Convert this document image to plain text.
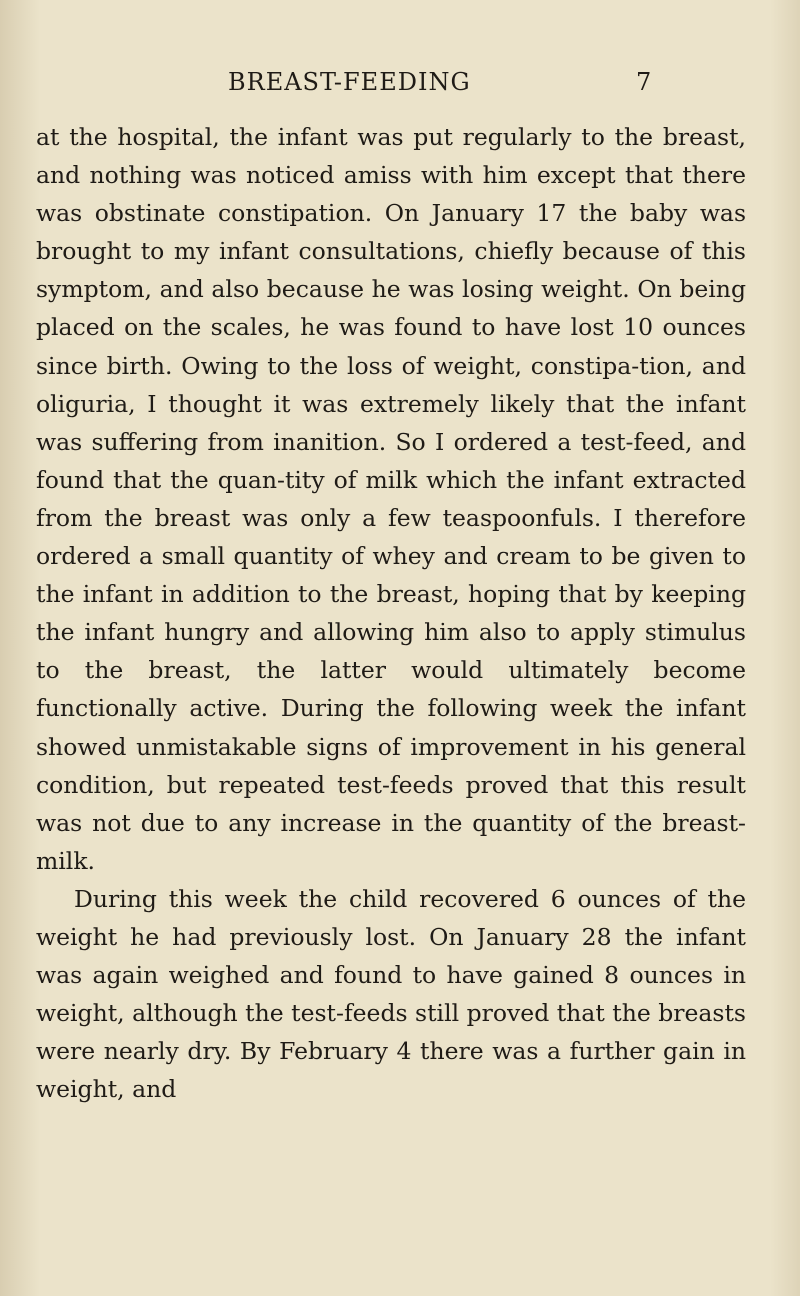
BREAST-FEEDING	7

at the hospital, the infant was put regularly to the breast, and nothing was noticed amiss with him except that there was obstinate constipation. On January 17 the baby was brought to my infant consultations, chiefly because of this symptom, and also because he was losing weight. On being placed on the scales, he was found to have lost 10 ounces since birth. Owing to the loss of weight, constipa-tion, and oliguria, I thought it was extremely likely that the infant was suffering from inanition. So I ordered a test-feed, and found that the quan-tity of milk which the infant extracted from the breast was only a few teaspoonfuls. I therefore ordered a small quantity of whey and cream to be given to the infant in addition to the breast, hoping that by keeping the infant hungry and allowing him also to apply stimulus to the breast, the latter would ultimately become functionally active. During the following week the infant showed unmistakable signs of improvement in his general condition, but repeated test-feeds proved that this result was not due to any increase in the quantity of the breast-milk.

During this week the child recovered 6 ounces of the weight he had previously lost. On January 28 the infant was again weighed and found to have gained 8 ounces in weight, although the test-feeds still proved that the breasts were nearly dry. By February 4 there was a further gain in weight, and
